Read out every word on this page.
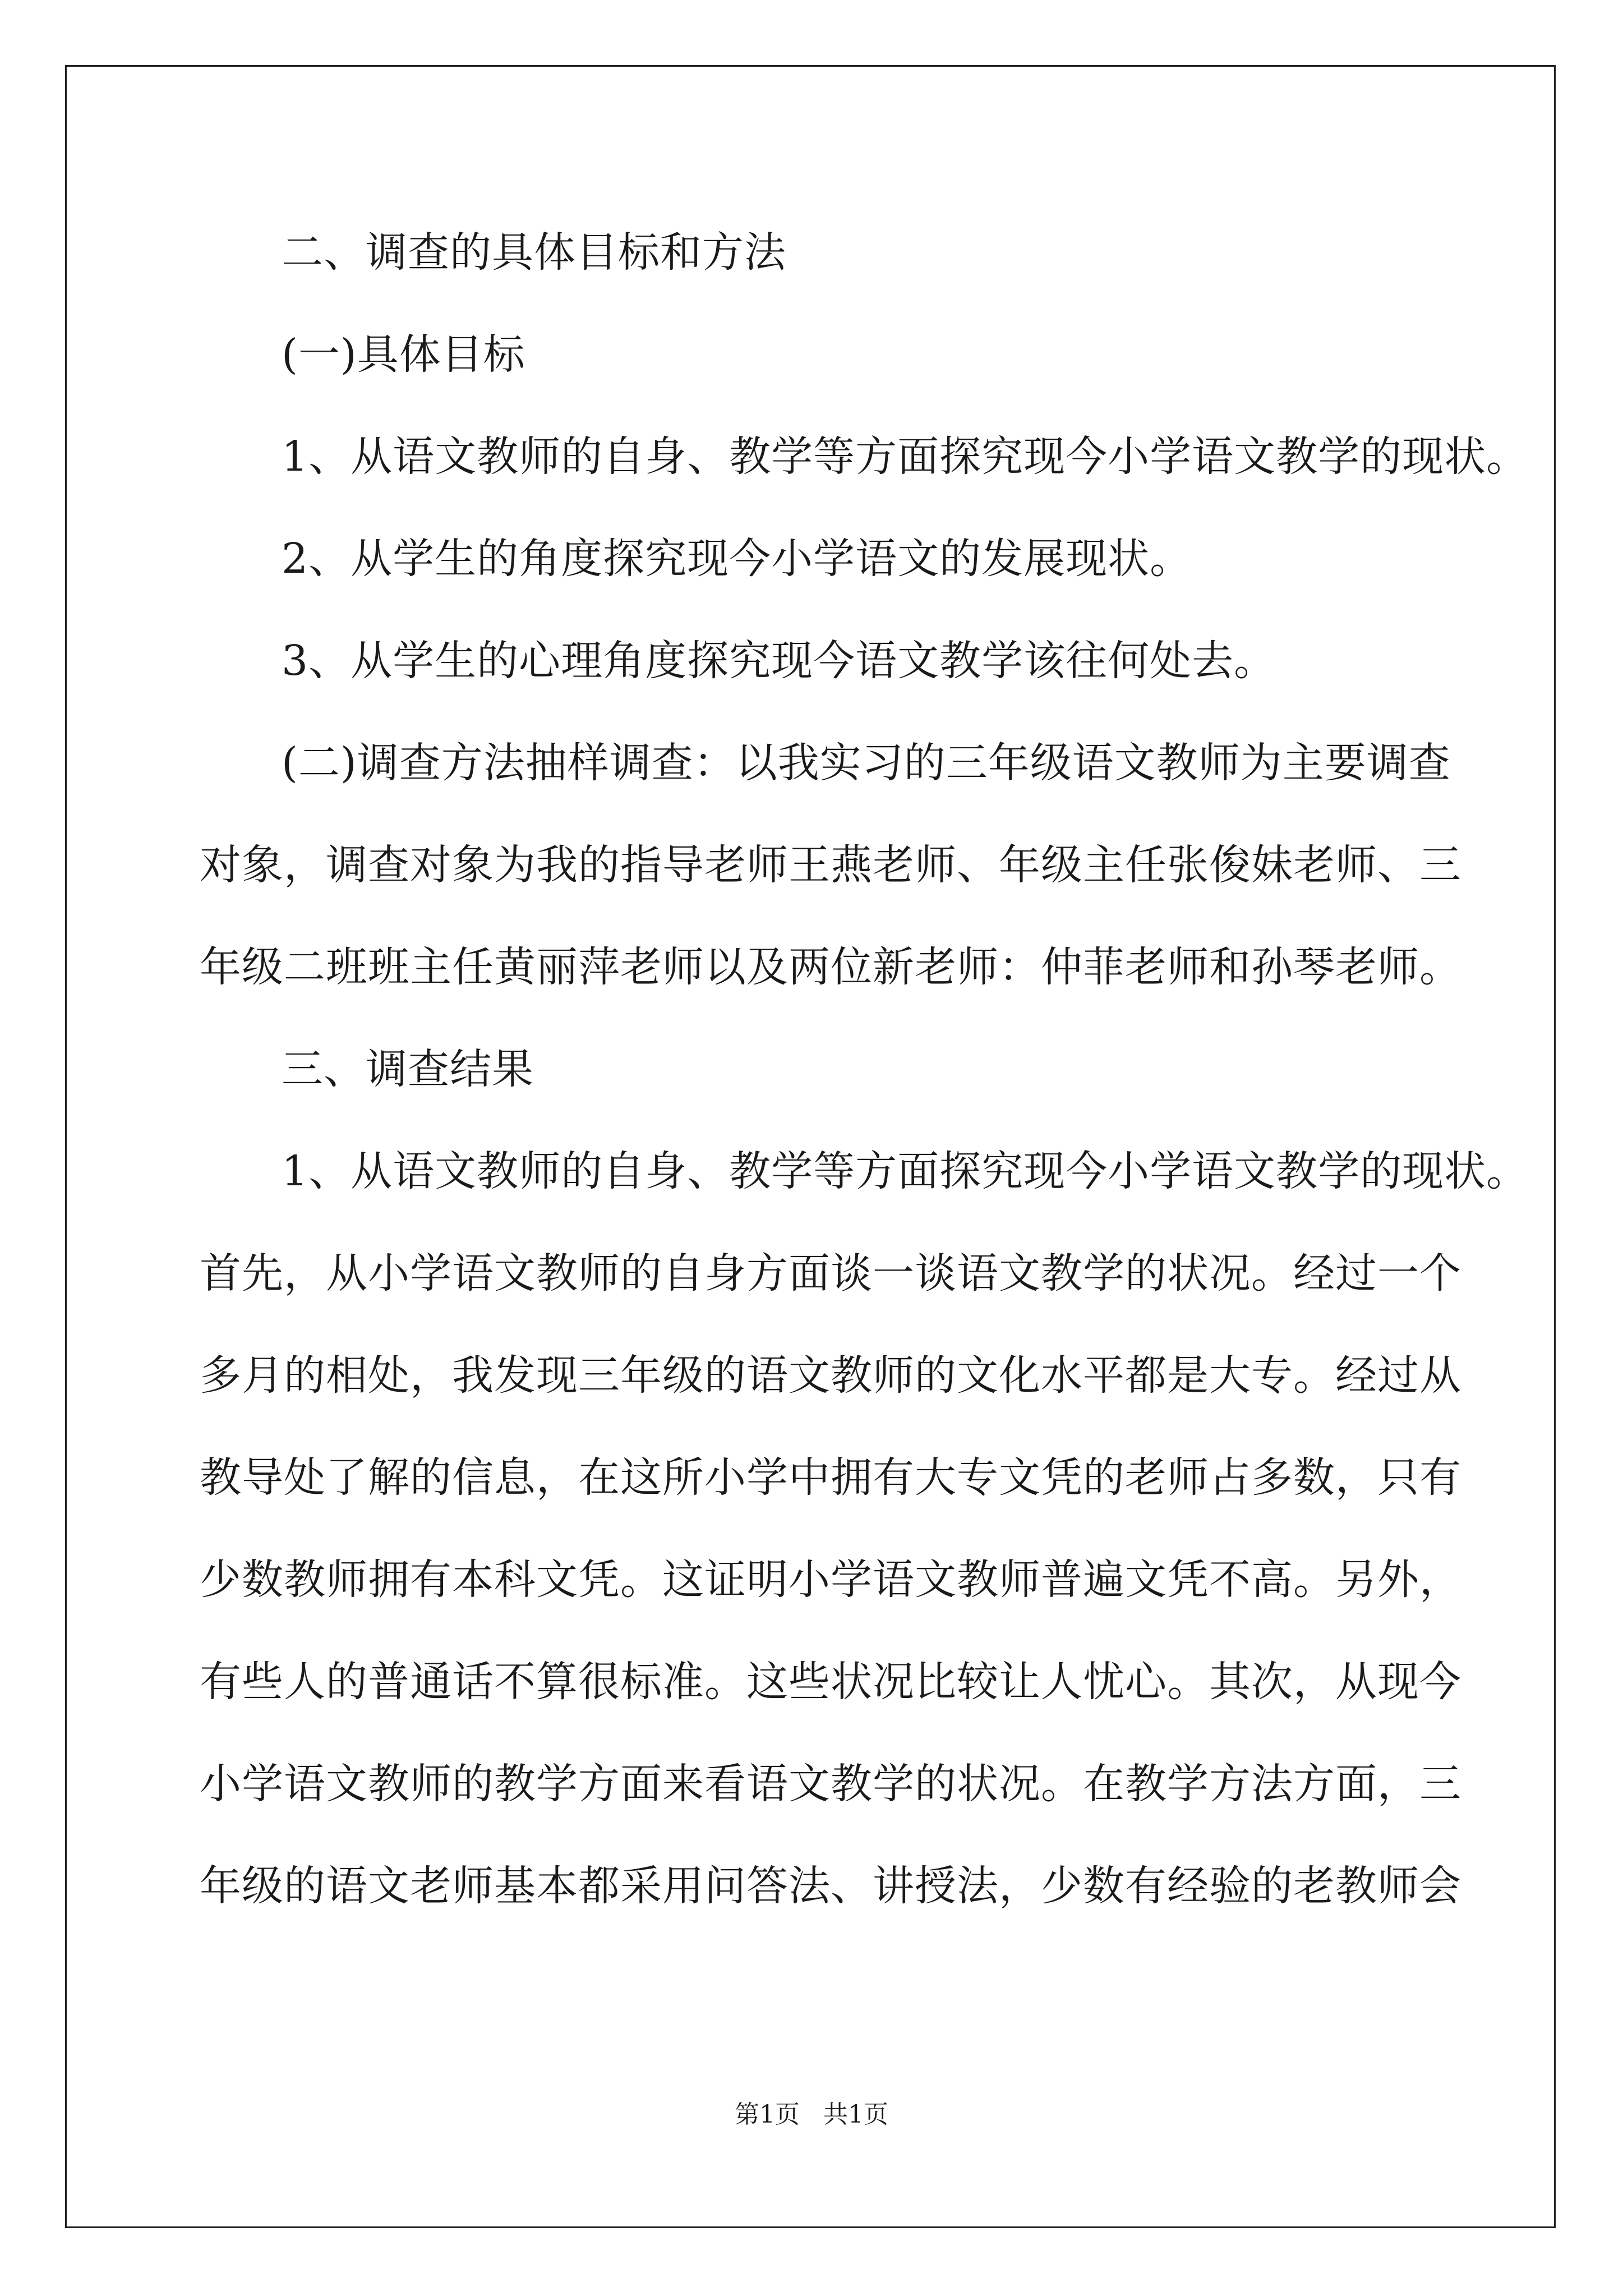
二、调查的具体目标和方法
(一)具体目标
1、从语文教师的自身、教学等方面探究现今小学语文教学的现状。
2、从学生的角度探究现今小学语文的发展现状。
3、从学生的心理角度探究现今语文教学该往何处去。
(二)调查方法抽样调查：以我实习的三年级语文教师为主要调查
对象，调查对象为我的指导老师王燕老师、年级主任张俊妹老师、三
年级二班班主任黄丽萍老师以及两位新老师：仲菲老师和孙琴老师。
三、调查结果
1、从语文教师的自身、教学等方面探究现今小学语文教学的现状。
首先，从小学语文教师的自身方面谈一谈语文教学的状况。经过一个
多月的相处，我发现三年级的语文教师的文化水平都是大专。经过从
教导处了解的信息，在这所小学中拥有大专文凭的老师占多数，只有
少数教师拥有本科文凭。这证明小学语文教师普遍文凭不高。另外，
有些人的普通话不算很标准。这些状况比较让人忧心。其次，从现今
小学语文教师的教学方面来看语文教学的状况。在教学方法方面，三
年级的语文老师基本都采用问答法、讲授法，少数有经验的老教师会
第1页   共1页
